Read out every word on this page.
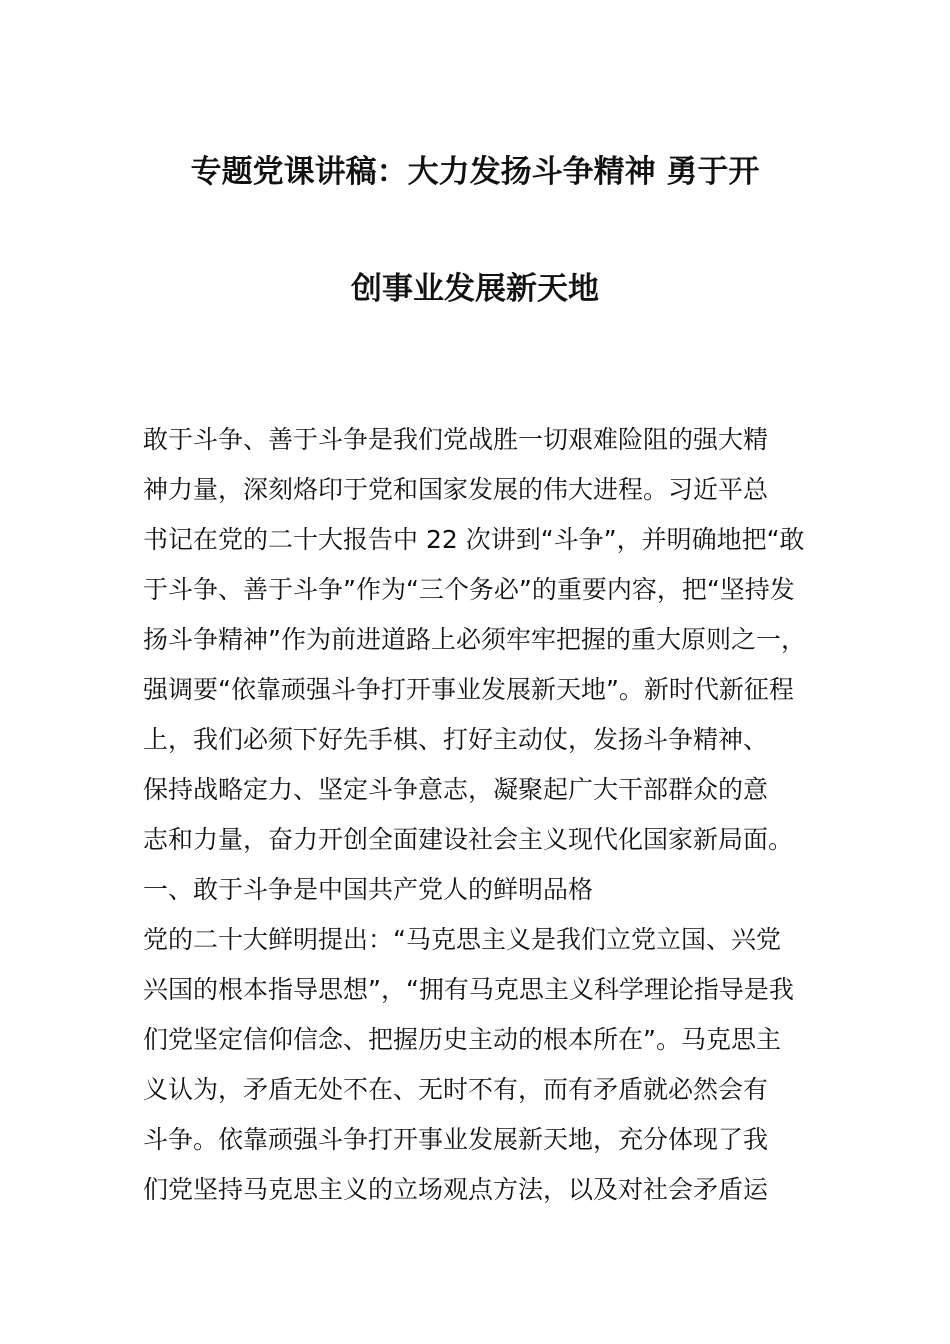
专题党课讲稿：大力发扬斗争精神 勇于开

创事业发展新天地

敢于斗争、善于斗争是我们党战胜一切艰难险阻的强大精

神力量，深刻烙印于党和国家发展的伟大进程。习近平总

书记在党的二十大报告中 22 次讲到“斗争”，并明确地把“敢

于斗争、善于斗争”作为“三个务必”的重要内容，把“坚持发

扬斗争精神”作为前进道路上必须牢牢把握的重大原则之一，

强调要“依靠顽强斗争打开事业发展新天地”。新时代新征程

上，我们必须下好先手棋、打好主动仗，发扬斗争精神、

保持战略定力、坚定斗争意志，凝聚起广大干部群众的意

志和力量，奋力开创全面建设社会主义现代化国家新局面。

一、敢于斗争是中国共产党人的鲜明品格

党的二十大鲜明提出：“马克思主义是我们立党立国、兴党

兴国的根本指导思想”，“拥有马克思主义科学理论指导是我

们党坚定信仰信念、把握历史主动的根本所在”。马克思主

义认为，矛盾无处不在、无时不有，而有矛盾就必然会有

斗争。依靠顽强斗争打开事业发展新天地，充分体现了我

们党坚持马克思主义的立场观点方法，以及对社会矛盾运
